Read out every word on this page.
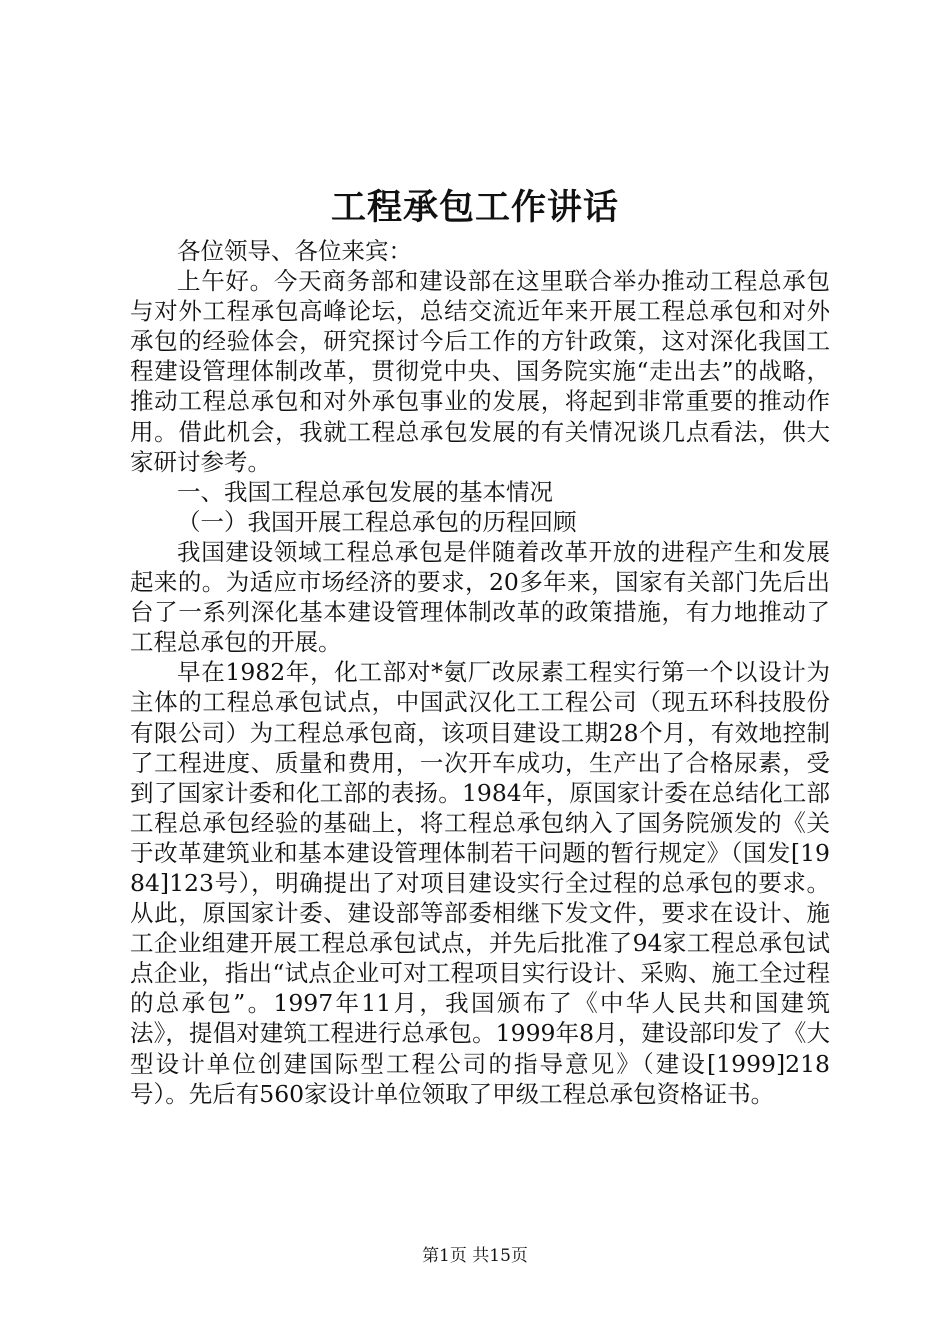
工程承包工作讲话

各位领导、各位来宾：

上午好。今天商务部和建设部在这里联合举办推动工程总承包与对外工程承包高峰论坛，总结交流近年来开展工程总承包和对外承包的经验体会，研究探讨今后工作的方针政策，这对深化我国工程建设管理体制改革，贯彻党中央、国务院实施“走出去”的战略，推动工程总承包和对外承包事业的发展，将起到非常重要的推动作用。借此机会，我就工程总承包发展的有关情况谈几点看法，供大家研讨参考。

一、我国工程总承包发展的基本情况

（一）我国开展工程总承包的历程回顾

我国建设领域工程总承包是伴随着改革开放的进程产生和发展起来的。为适应市场经济的要求，20多年来，国家有关部门先后出台了一系列深化基本建设管理体制改革的政策措施，有力地推动了工程总承包的开展。

早在1982年，化工部对*氨厂改尿素工程实行第一个以设计为主体的工程总承包试点，中国武汉化工工程公司（现五环科技股份有限公司）为工程总承包商，该项目建设工期28个月，有效地控制了工程进度、质量和费用，一次开车成功，生产出了合格尿素，受到了国家计委和化工部的表扬。1984年，原国家计委在总结化工部工程总承包经验的基础上，将工程总承包纳入了国务院颁发的《关于改革建筑业和基本建设管理体制若干问题的暂行规定》（国发[1984]123号），明确提出了对项目建设实行全过程的总承包的要求。从此，原国家计委、建设部等部委相继下发文件，要求在设计、施工企业组建开展工程总承包试点，并先后批准了94家工程总承包试点企业，指出“试点企业可对工程项目实行设计、采购、施工全过程的总承包”。1997年11月，我国颁布了《中华人民共和国建筑法》，提倡对建筑工程进行总承包。1999年8月，建设部印发了《大型设计单位创建国际型工程公司的指导意见》（建设[1999]218号）。先后有560家设计单位领取了甲级工程总承包资格证书。

第1页 共15页
